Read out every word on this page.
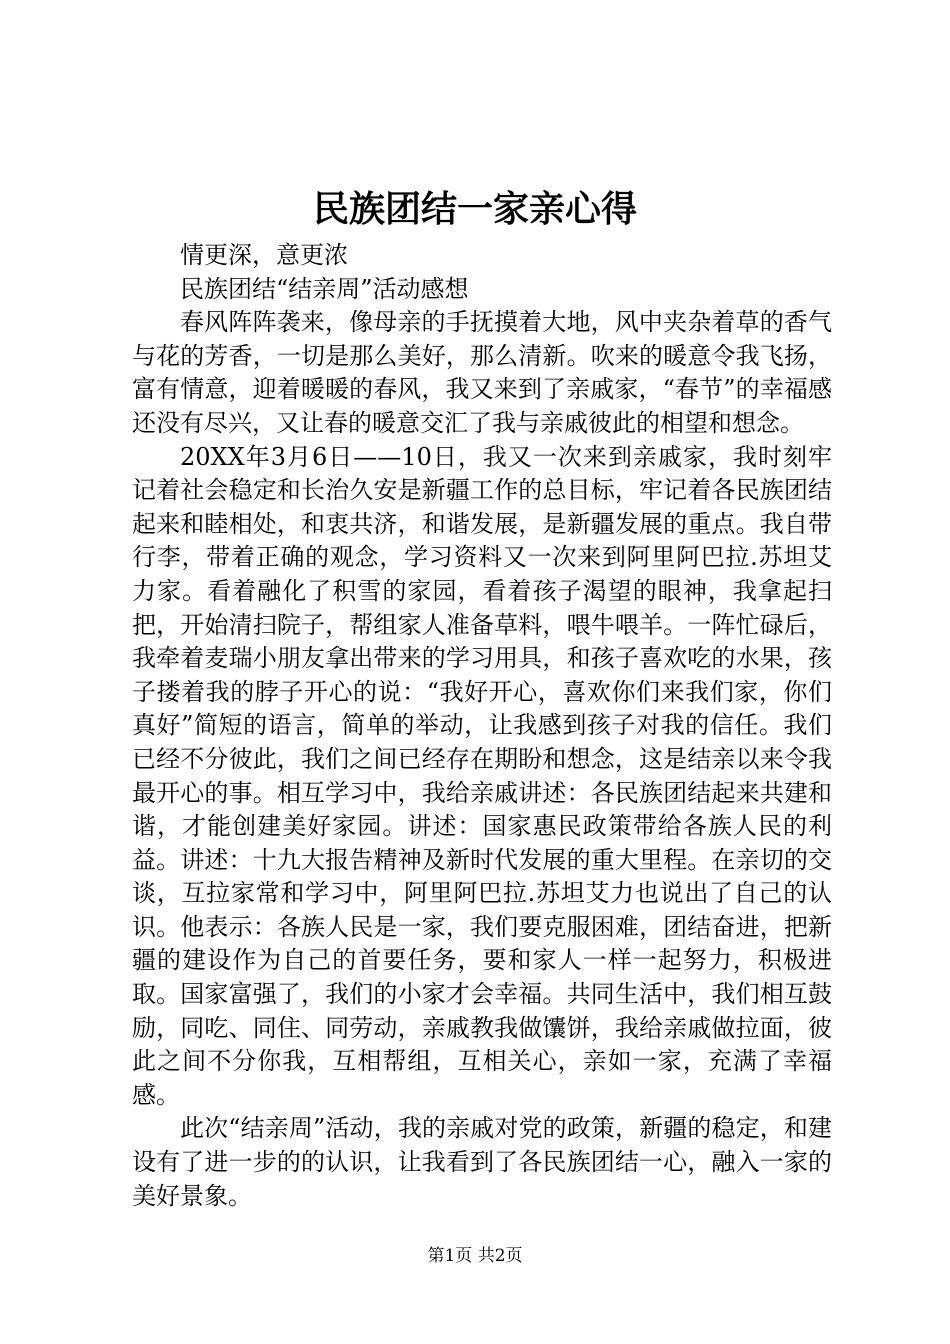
民族团结一家亲心得

情更深，意更浓

民族团结“结亲周”活动感想

春风阵阵袭来，像母亲的手抚摸着大地，风中夹杂着草的香气与花的芳香，一切是那么美好，那么清新。吹来的暖意令我飞扬，富有情意，迎着暖暖的春风，我又来到了亲戚家，“春节”的幸福感还没有尽兴，又让春的暖意交汇了我与亲戚彼此的相望和想念。

20XX年3月6日——10日，我又一次来到亲戚家，我时刻牢记着社会稳定和长治久安是新疆工作的总目标，牢记着各民族团结起来和睦相处，和衷共济，和谐发展，是新疆发展的重点。我自带行李，带着正确的观念，学习资料又一次来到阿里阿巴拉.苏坦艾力家。看着融化了积雪的家园，看着孩子渴望的眼神，我拿起扫把，开始清扫院子，帮组家人准备草料，喂牛喂羊。一阵忙碌后，我牵着麦瑞小朋友拿出带来的学习用具，和孩子喜欢吃的水果，孩子搂着我的脖子开心的说：“我好开心，喜欢你们来我们家，你们真好”简短的语言，简单的举动，让我感到孩子对我的信任。我们已经不分彼此，我们之间已经存在期盼和想念，这是结亲以来令我最开心的事。相互学习中，我给亲戚讲述：各民族团结起来共建和谐，才能创建美好家园。讲述：国家惠民政策带给各族人民的利益。讲述：十九大报告精神及新时代发展的重大里程。在亲切的交谈，互拉家常和学习中，阿里阿巴拉.苏坦艾力也说出了自己的认识。他表示：各族人民是一家，我们要克服困难，团结奋进，把新疆的建设作为自己的首要任务，要和家人一样一起努力，积极进取。国家富强了，我们的小家才会幸福。共同生活中，我们相互鼓励，同吃、同住、同劳动，亲戚教我做馕饼，我给亲戚做拉面，彼此之间不分你我，互相帮组，互相关心，亲如一家，充满了幸福感。

此次“结亲周”活动，我的亲戚对党的政策，新疆的稳定，和建设有了进一步的的认识，让我看到了各民族团结一心，融入一家的美好景象。

第1页 共2页
